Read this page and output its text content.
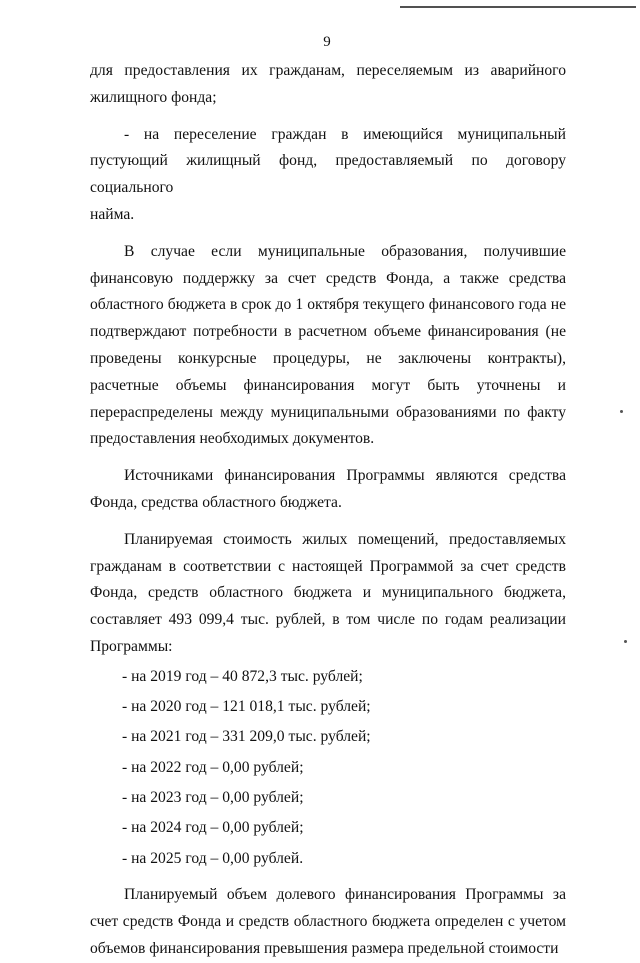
9

для предоставления их гражданам, переселяемым из аварийного

жилищного фонда;

- на переселение граждан в имеющийся муниципальный

пустующий жилищный фонд, предоставляемый по договору социального

найма.

В случае если муниципальные образования, получившие финансовую поддержку за счет средств Фонда, а также средства областного бюджета в срок до 1 октября текущего финансового года не подтверждают потребности в расчетном объеме финансирования (не проведены конкурсные процедуры, не заключены контракты), расчетные объемы финансирования могут быть уточнены и перераспределены между муниципальными образованиями по факту предоставления необходимых документов.

Источниками финансирования Программы являются средства Фонда, средства областного бюджета.

Планируемая стоимость жилых помещений, предоставляемых гражданам в соответствии с настоящей Программой за счет средств Фонда, средств областного бюджета и муниципального бюджета, составляет 493 099,4 тыс. рублей, в том числе по годам реализации Программы:

- на 2019 год – 40 872,3 тыс. рублей;

- на 2020 год – 121 018,1 тыс. рублей;

- на 2021 год – 331 209,0 тыс. рублей;

- на 2022 год – 0,00 рублей;

- на 2023 год – 0,00 рублей;

- на 2024 год – 0,00 рублей;

- на 2025 год – 0,00 рублей.

Планируемый объем долевого финансирования Программы за счет средств Фонда и средств областного бюджета определен с учетом объемов финансирования превышения размера предельной стоимости
